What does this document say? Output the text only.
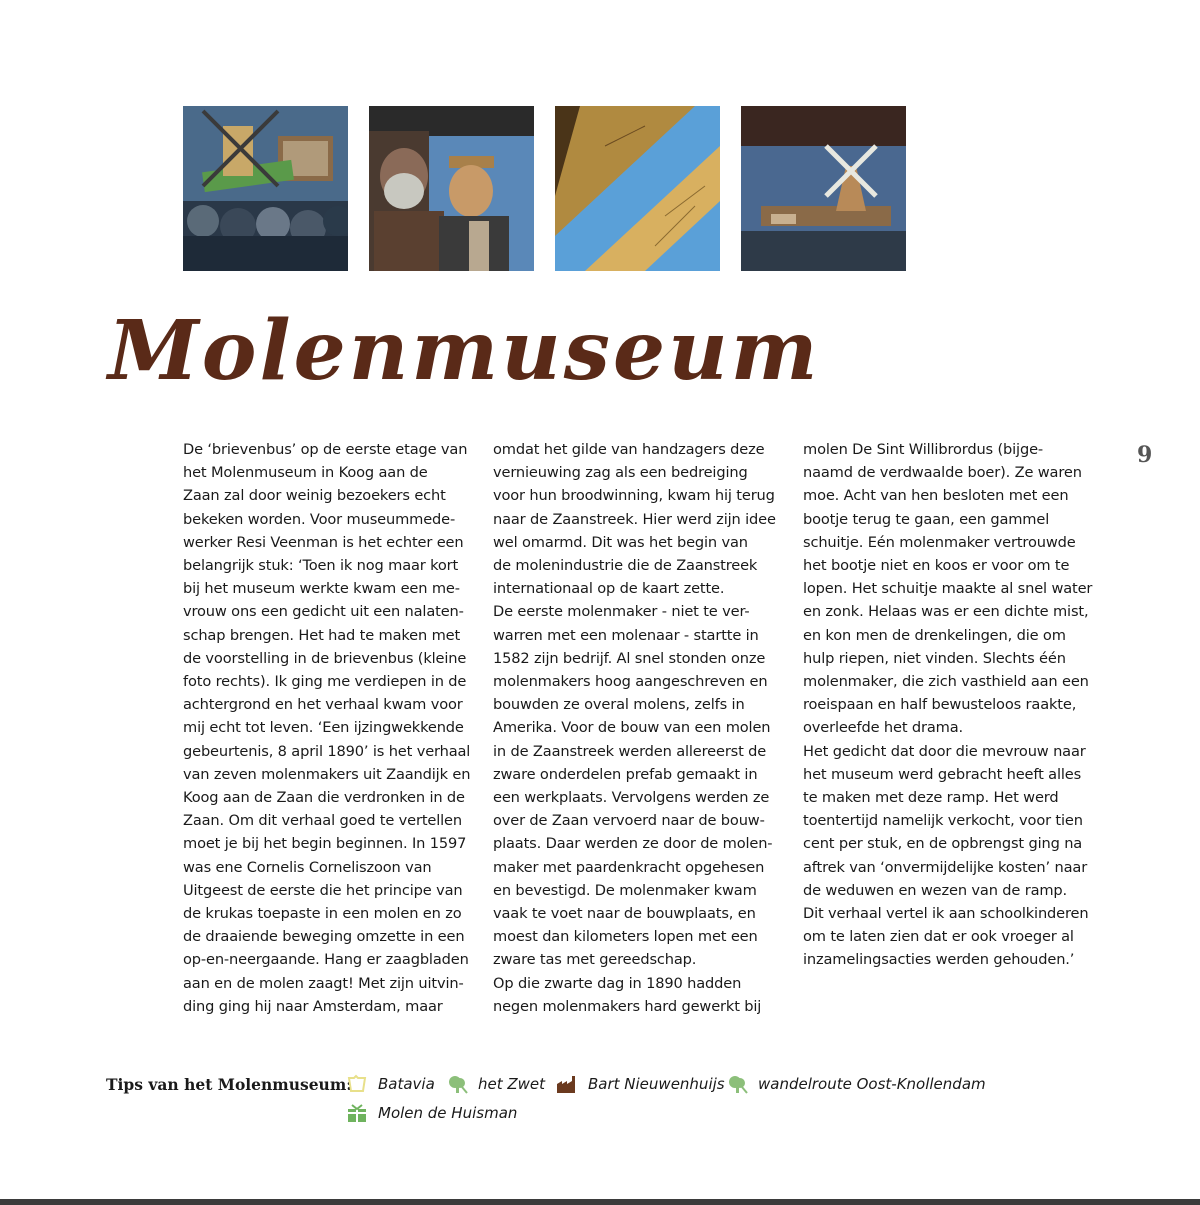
Molenmuseum

De ‘brievenbus’ op de eerste etage van
het Molenmuseum in Koog aan de
Zaan zal door weinig bezoekers echt
bekeken worden. Voor museummede-
werker Resi Veenman is het echter een
belangrijk stuk: ‘Toen ik nog maar kort
bij het museum werkte kwam een me-
vrouw ons een gedicht uit een nalaten-
schap brengen. Het had te maken met
de voorstelling in de brievenbus (kleine
foto rechts). Ik ging me verdiepen in de
achtergrond en het verhaal kwam voor
mij echt tot leven. ‘Een ijzingwekkende
gebeurtenis, 8 april 1890’ is het verhaal
van zeven molenmakers uit Zaandijk en
Koog aan de Zaan die verdronken in de
Zaan. Om dit verhaal goed te vertellen
moet je bij het begin beginnen. In 1597
was ene Cornelis Corneliszoon van
Uitgeest de eerste die het principe van
de krukas toepaste in een molen en zo
de draaiende beweging omzette in een
op-en-neergaande. Hang er zaagbladen
aan en de molen zaagt! Met zijn uitvin-
ding ging hij naar Amsterdam, maar

omdat het gilde van handzagers deze
vernieuwing zag als een bedreiging
voor hun broodwinning, kwam hij terug
naar de Zaanstreek. Hier werd zijn idee
wel omarmd. Dit was het begin van
de molenindustrie die de Zaanstreek
internationaal op de kaart zette.
De eerste molenmaker - niet te ver-
warren met een molenaar - startte in
1582 zijn bedrijf. Al snel stonden onze
molenmakers hoog aangeschreven en
bouwden ze overal molens, zelfs in
Amerika. Voor de bouw van een molen
in de Zaanstreek werden allereerst de
zware onderdelen prefab gemaakt in
een werkplaats. Vervolgens werden ze
over de Zaan vervoerd naar de bouw-
plaats. Daar werden ze door de molen-
maker met paardenkracht opgehesen
en bevestigd. De molenmaker kwam
vaak te voet naar de bouwplaats, en
moest dan kilometers lopen met een
zware tas met gereedschap.
Op die zwarte dag in 1890 hadden
negen molenmakers hard gewerkt bij

molen De Sint Willibrordus (bijge-
naamd de verdwaalde boer). Ze waren
moe. Acht van hen besloten met een
bootje terug te gaan, een gammel
schuitje. Eén molenmaker vertrouwde
het bootje niet en koos er voor om te
lopen. Het schuitje maakte al snel water
en zonk. Helaas was er een dichte mist,
en kon men de drenkelingen, die om
hulp riepen, niet vinden. Slechts één
molenmaker, die zich vasthield aan een
roeispaan en half bewusteloos raakte,
overleefde het drama.
Het gedicht dat door die mevrouw naar
het museum werd gebracht heeft alles
te maken met deze ramp. Het werd
toentertijd namelijk verkocht, voor tien
cent per stuk, en de opbrengst ging na
aftrek van ‘onvermijdelijke kosten’ naar
de weduwen en wezen van de ramp.
Dit verhaal vertel ik aan schoolkinderen
om te laten zien dat er ook vroeger al
inzamelingsacties werden gehouden.’

9
Tips van het Molenmuseum: Batavia	het Zwet	Bart Nieuwenhuijs wandelroute Oost-Knollendam
Molen de Huisman
